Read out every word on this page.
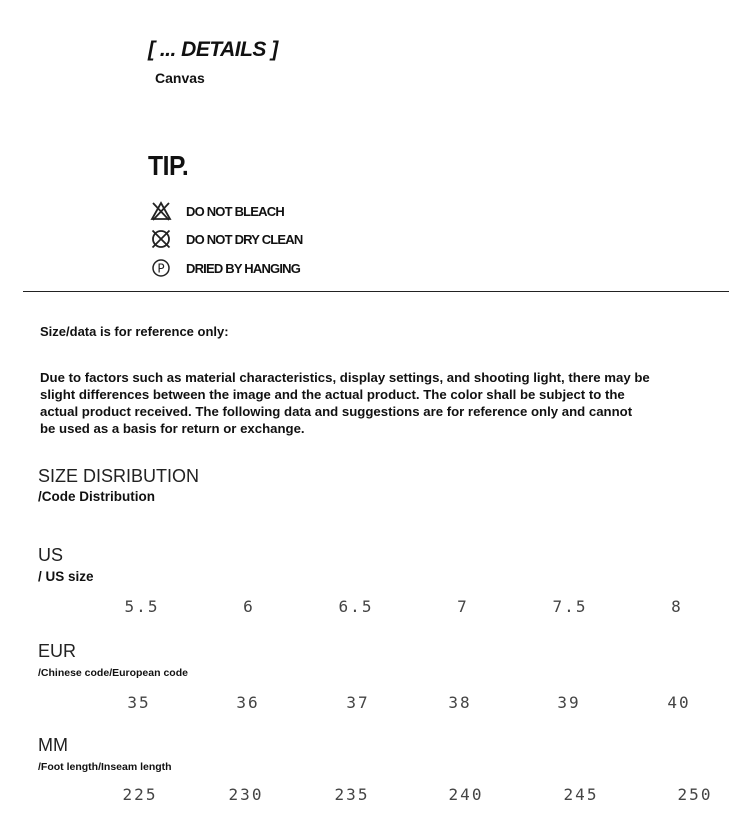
[ ... DETAILS ]
Canvas
TIP.
DO NOT BLEACH
DO NOT DRY CLEAN
P DRIED BY HANGING
Size/data is for reference only:
Due to factors such as material characteristics, display settings, and shooting light, there may be slight differences between the image and the actual product. The color shall be subject to the actual product received. The following data and suggestions are for reference only and cannot be used as a basis for return or exchange.
SIZE DISRIBUTION
/Code Distribution
US
/ US size
5.5	6	6.5	7	7.5	8
EUR
/Chinese code/European code
35	36	37	38	39	40
MM
/Foot length/Inseam length
225	230	235	240	245	250
